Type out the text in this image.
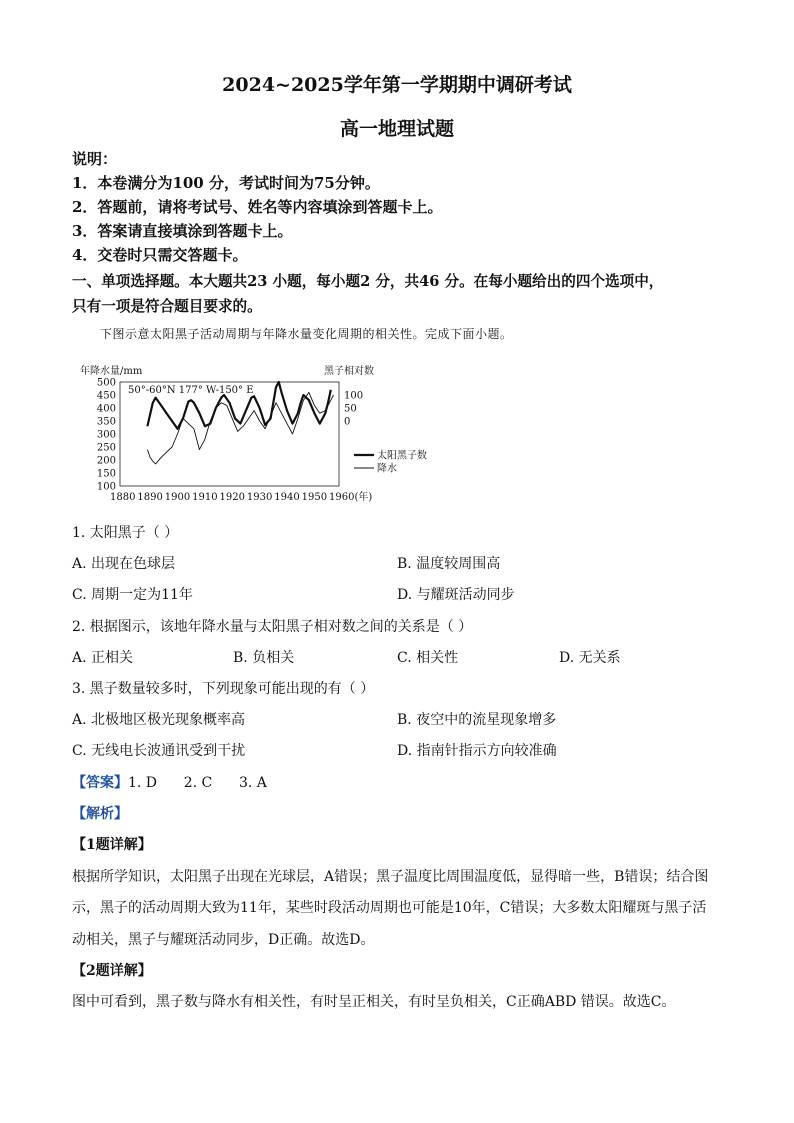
2024~2025学年第一学期期中调研考试
高一地理试题
说明：
1．本卷满分为100 分，考试时间为75分钟。
2．答题前，请将考试号、姓名等内容填涂到答题卡上。
3．答案请直接填涂到答题卡上。
4．交卷时只需交答题卡。
一、单项选择题。本大题共23 小题，每小题2 分，共46 分。在每小题给出的四个选项中，
只有一项是符合题目要求的。
下图示意太阳黑子活动周期与年降水量变化周期的相关性。完成下面小题。
年降水量/mm	黑子相对数
50°-60°N 177° W-150° E
500
450
400
350
300
250
200
150
100
100
50
0
1880 1890 1900 1910 1920 1930 1940 1950 1960(年)
太阳黑子数
降水
1. 太阳黑子（ ）
A. 出现在色球层	B. 温度较周围高
C. 周期一定为11年	D. 与耀斑活动同步
2. 根据图示，该地年降水量与太阳黑子相对数之间的关系是（ ）
A. 正相关	B. 负相关	C. 相关性	D. 无关系
3. 黑子数量较多时，下列现象可能出现的有（ ）
A. 北极地区极光现象概率高	B. 夜空中的流星现象增多
C. 无线电长波通讯受到干扰	D. 指南针指示方向较准确
【答案】1. D      2. C      3. A
【解析】
【1题详解】
根据所学知识，太阳黑子出现在光球层，A错误；黑子温度比周围温度低，显得暗一些，B错误；结合图
示，黑子的活动周期大致为11年，某些时段活动周期也可能是10年，C错误；大多数太阳耀斑与黑子活
动相关，黑子与耀斑活动同步，D正确。故选D。
【2题详解】
图中可看到，黑子数与降水有相关性，有时呈正相关，有时呈负相关，C正确ABD 错误。故选C。
